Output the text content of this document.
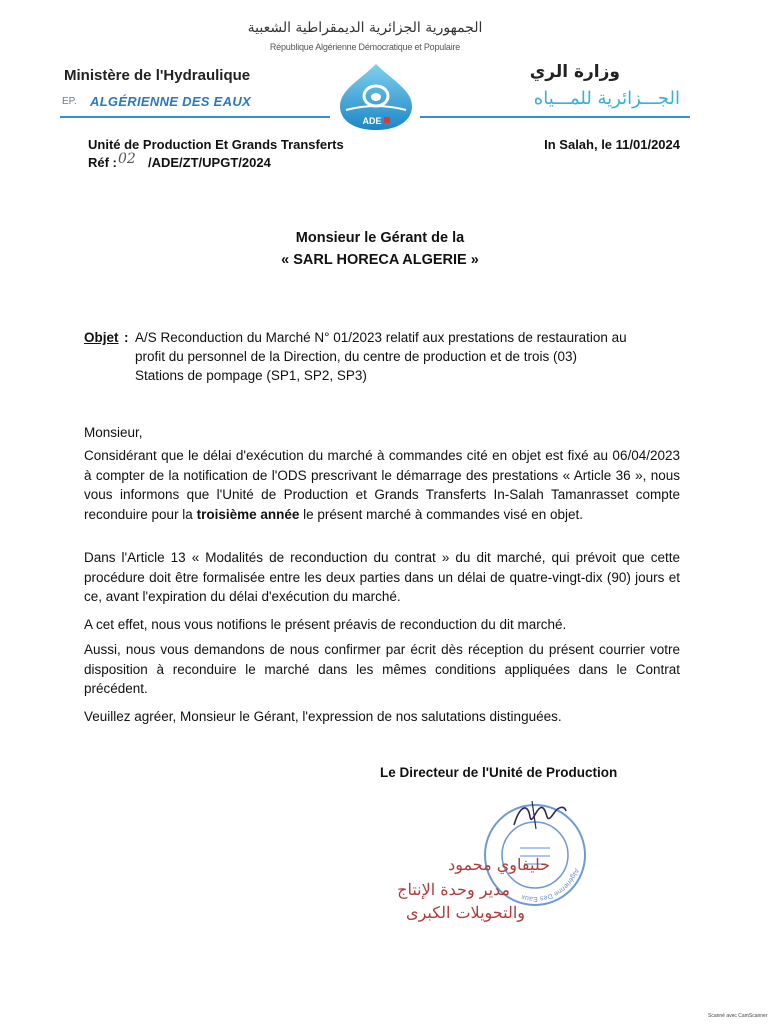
الجمهورية الجزائرية الديمقراطية الشعبية
République Algérienne Démocratique et Populaire
Ministère de l'Hydraulique
EP. ALGÉRIENNE DES EAUX
وزارة الري
الجـــزائرية للمـــياه
ADE
Unité de Production Et Grands Transferts
Réf : 02 /ADE/ZT/UPGT/2024
In Salah, le 11/01/2024
Monsieur le Gérant de la
« SARL HORECA ALGERIE »
Objet : A/S Reconduction du Marché N° 01/2023 relatif aux prestations de restauration au
profit du personnel de la Direction, du centre de production et de trois (03)
Stations de pompage (SP1, SP2, SP3)
Monsieur,
Considérant que le délai d'exécution du marché à commandes cité en objet est fixé au 06/04/2023 à compter de la notification de l'ODS prescrivant le démarrage des prestations « Article 36 », nous vous informons que l'Unité de Production et Grands Transferts In-Salah Tamanrasset compte reconduire pour la troisième année le présent marché à commandes visé en objet.
Dans l'Article 13 « Modalités de reconduction du contrat » du dit marché, qui prévoit que cette procédure doit être formalisée entre les deux parties dans un délai de quatre-vingt-dix (90) jours et ce, avant l'expiration du délai d'exécution du marché.
A cet effet, nous vous notifions le présent préavis de reconduction du dit marché.
Aussi, nous vous demandons de nous confirmer par écrit dès réception du présent courrier votre disposition à reconduire le marché dans les mêmes conditions appliquées dans le Contrat précédent.
Veuillez agréer, Monsieur le Gérant, l'expression de nos salutations distinguées.
Le Directeur de l'Unité de Production
Algérienne Des Eaux
حليفاوي محمود
مدير وحدة الإنتاج
والتحويلات الكبرى
Scanné avec CamScanner
